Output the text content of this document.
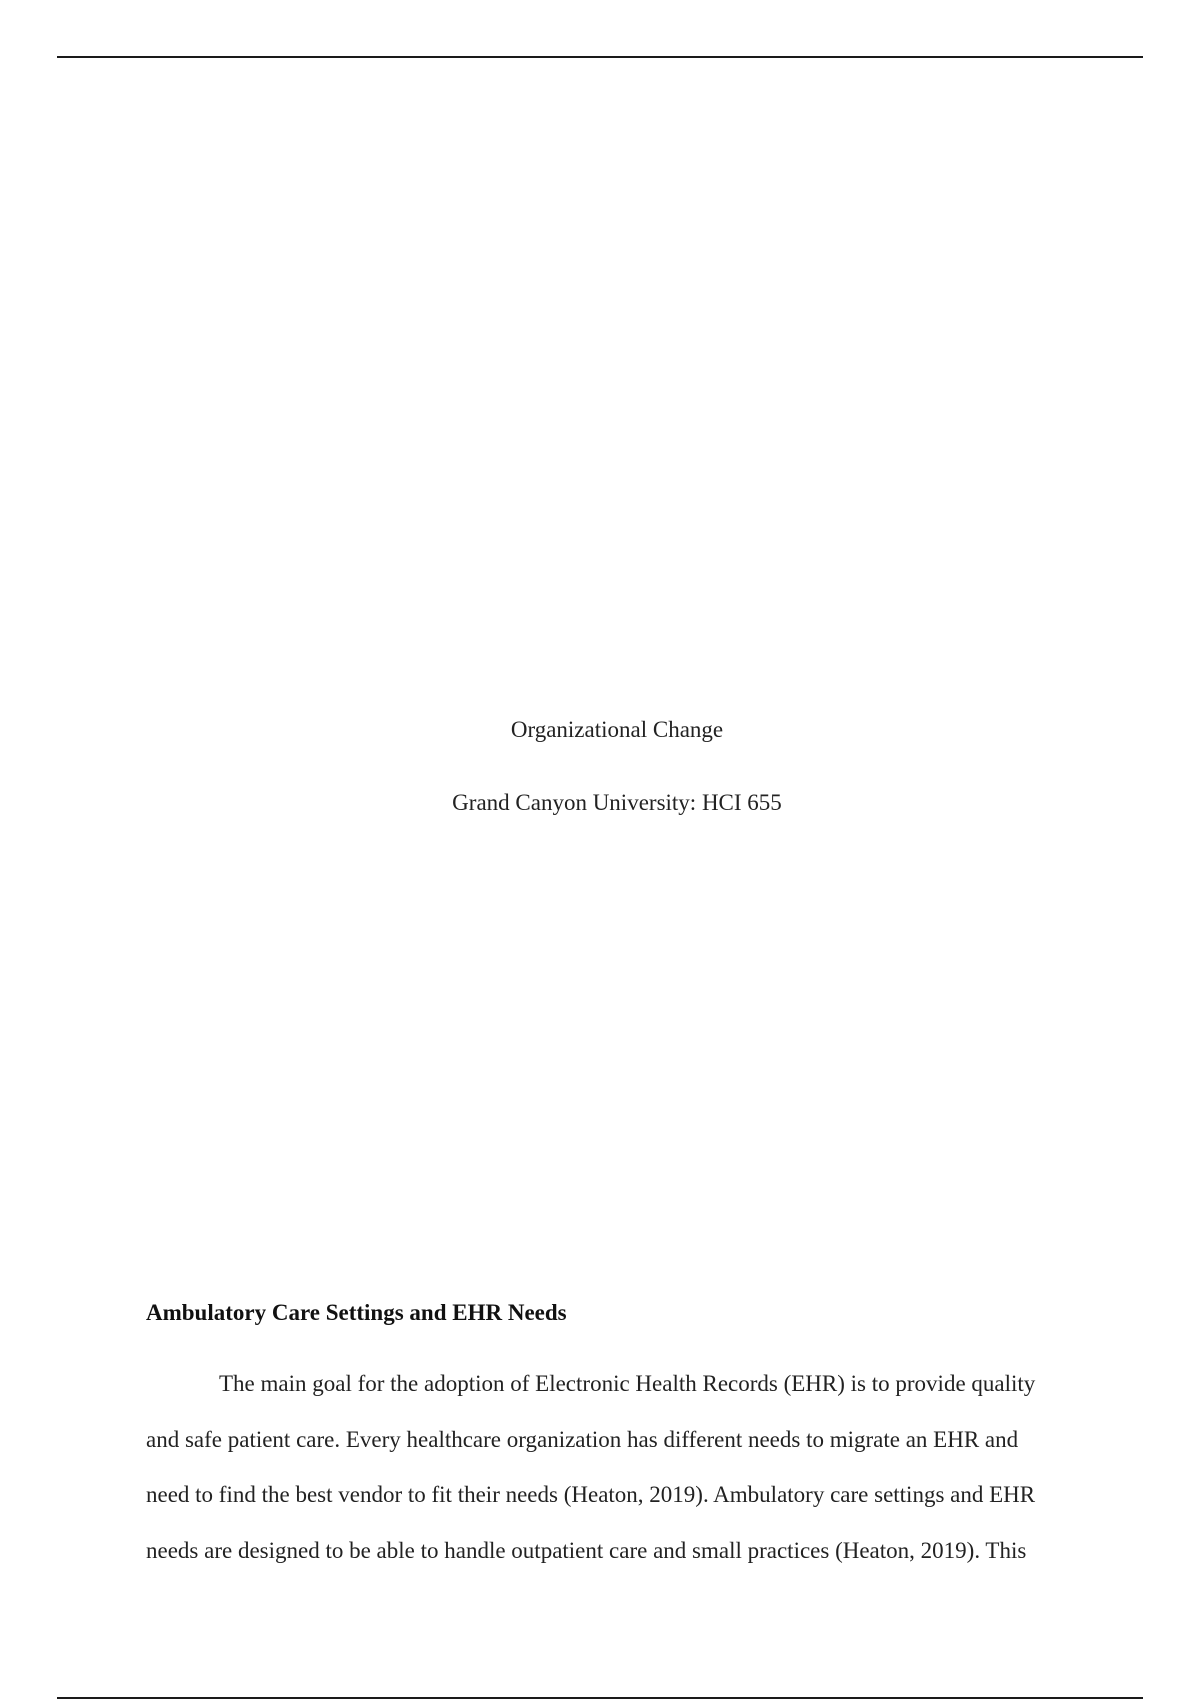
Organizational Change
Grand Canyon University: HCI 655
Ambulatory Care Settings and EHR Needs
The main goal for the adoption of Electronic Health Records (EHR) is to provide quality
and safe patient care. Every healthcare organization has different needs to migrate an EHR and
need to find the best vendor to fit their needs (Heaton, 2019). Ambulatory care settings and EHR
needs are designed to be able to handle outpatient care and small practices (Heaton, 2019). This
